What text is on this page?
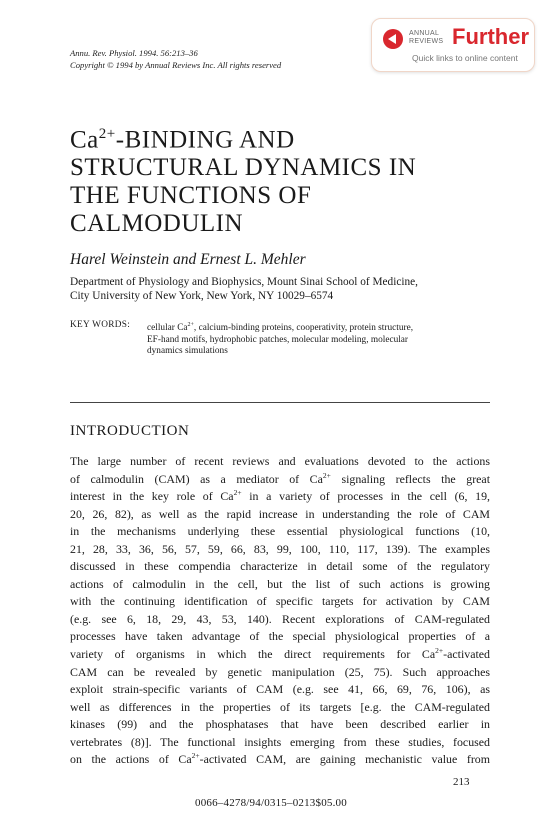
Annu. Rev. Physiol. 1994. 56:213–36
Copyright © 1994 by Annual Reviews Inc. All rights reserved
ANNUAL
REVIEWS Further
Quick links to online content
$Ca^{2+}$-BINDING AND
STRUCTURAL DYNAMICS IN
THE FUNCTIONS OF
CALMODULIN
Harel Weinstein and Ernest L. Mehler
Department of Physiology and Biophysics, Mount Sinai School of Medicine,
City University of New York, New York, NY 10029–6574
KEY WORDS: cellular $Ca^{2+}$, calcium-binding proteins, cooperativity, protein structure,
EF-hand motifs, hydrophobic patches, molecular modeling, molecular
dynamics simulations
INTRODUCTION
The large number of recent reviews and evaluations devoted to the actions
of calmodulin (CAM) as a mediator of $Ca^{2+}$ signaling reflects the great
interest in the key role of $Ca^{2+}$ in a variety of processes in the cell (6, 19,
20, 26, 82), as well as the rapid increase in understanding the role of CAM
in the mechanisms underlying these essential physiological functions (10,
21, 28, 33, 36, 56, 57, 59, 66, 83, 99, 100, 110, 117, 139). The examples
discussed in these compendia characterize in detail some of the regulatory
actions of calmodulin in the cell, but the list of such actions is growing
with the continuing identification of specific targets for activation by CAM
(e.g. see 6, 18, 29, 43, 53, 140). Recent explorations of CAM-regulated
processes have taken advantage of the special physiological properties of a
variety of organisms in which the direct requirements for $Ca^{2+}$-activated
CAM can be revealed by genetic manipulation (25, 75). Such approaches
exploit strain-specific variants of CAM (e.g. see 41, 66, 69, 76, 106), as
well as differences in the properties of its targets [e.g. the CAM-regulated
kinases (99) and the phosphatases that have been described earlier in
vertebrates (8)]. The functional insights emerging from these studies, focused
on the actions of $Ca^{2+}$-activated CAM, are gaining mechanistic value from
213
0066–4278/94/0315–0213$05.00
